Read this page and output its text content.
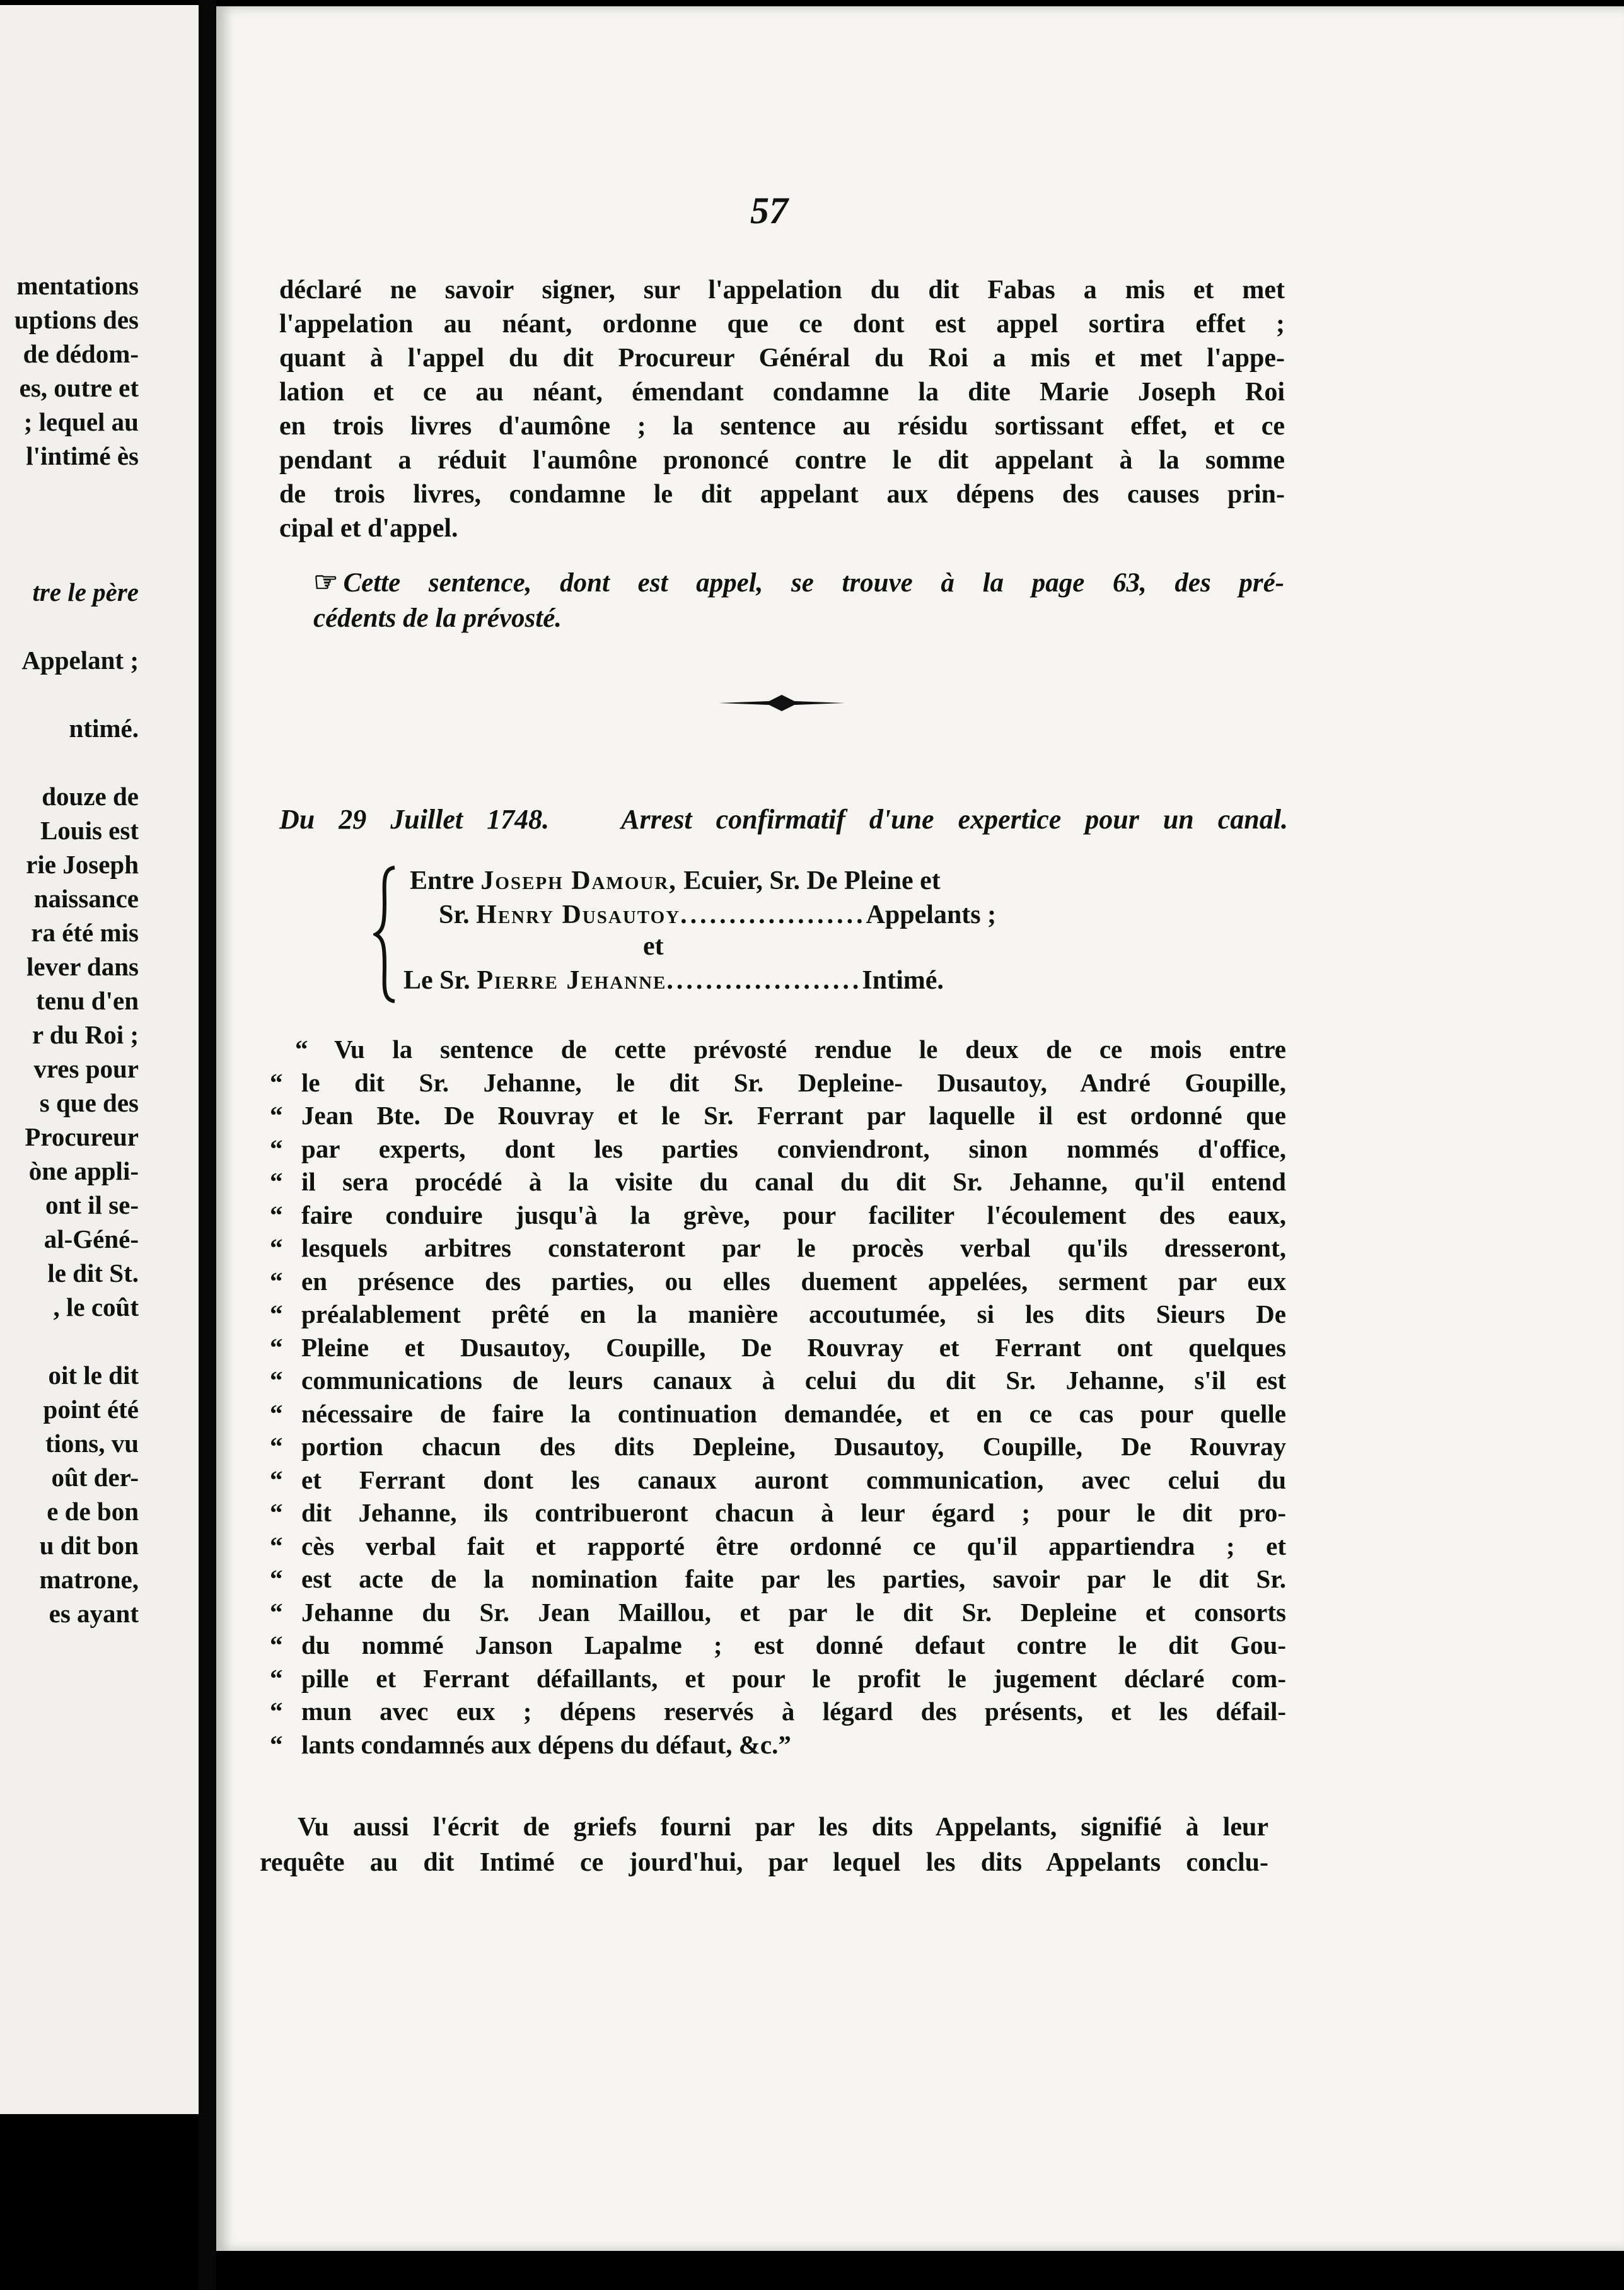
mentations
uptions des
de dédom-
es, outre et
; lequel au
l'intimé ès
tre le père
Appelant ;
ntimé.
douze de
Louis est
rie Joseph
naissance
ra été mis
lever dans
tenu d'en
r du Roi ;
vres pour
s que des
Procureur
òne appli-
ont il se-
al-Géné-
le dit St.
, le coût
oit le dit
point été
tions, vu
oût der-
e de bon
u dit bon
matrone,
es ayant
57
déclaré ne savoir signer, sur l'appelation du dit Fabas a mis et met
l'appelation au néant, ordonne que ce dont est appel sortira effet ;
quant à l'appel du dit Procureur Général du Roi a mis et met l'appe-
lation et ce au néant, émendant condamne la dite Marie Joseph Roi
en trois livres d'aumône ; la sentence au résidu sortissant effet, et ce
pendant a réduit l'aumône prononcé contre le dit appelant à la somme
de trois livres, condamne le dit appelant aux dépens des causes prin-
cipal et d'appel.
☞ Cette sentence, dont est appel, se trouve à la page 63, des pré-
cédents de la prévosté.
Du 29 Juillet 1748.	Arrest confirmatif d'une expertice pour un canal.
Entre Joseph Damour, Ecuier, Sr. De Pleine et
Sr. Henry Dusautoy...................Appelants ;
et
Le Sr. Pierre Jehanne....................Intimé.
“	Vu la sentence de cette prévosté rendue le deux de ce mois entre
“ le dit Sr. Jehanne, le dit Sr. Depleine- Dusautoy, André Goupille,
“ Jean Bte. De Rouvray et le Sr. Ferrant par laquelle il est ordonné que
“ par experts, dont les parties conviendront, sinon nommés d'office,
“ il sera procédé à la visite du canal du dit Sr. Jehanne, qu'il entend
“ faire conduire jusqu'à la grève, pour faciliter l'écoulement des eaux,
“ lesquels arbitres constateront par le procès verbal qu'ils dresseront,
“ en présence des parties, ou elles duement appelées, serment par eux
“ préalablement prêté en la manière accoutumée, si les dits Sieurs De
“ Pleine et Dusautoy, Coupille, De Rouvray et Ferrant ont quelques
“ communications de leurs canaux à celui du dit Sr. Jehanne, s'il est
“ nécessaire de faire la continuation demandée, et en ce cas pour quelle
“ portion chacun des dits Depleine, Dusautoy, Coupille, De Rouvray
“ et Ferrant dont les canaux auront communication, avec celui du
“ dit Jehanne, ils contribueront chacun à leur égard ; pour le dit pro-
“ cès verbal fait et rapporté être ordonné ce qu'il appartiendra ; et
“ est acte de la nomination faite par les parties, savoir par le dit Sr.
“ Jehanne du Sr. Jean Maillou, et par le dit Sr. Depleine et consorts
“ du nommé Janson Lapalme ; est donné defaut contre le dit Gou-
“ pille et Ferrant défaillants, et pour le profit le jugement déclaré com-
“ mun avec eux ; dépens reservés à légard des présents, et les défail-
“ lants condamnés aux dépens du défaut, &c.”
Vu aussi l'écrit de griefs fourni par les dits Appelants, signifié à leur
requête au dit Intimé ce jourd'hui, par lequel les dits Appelants conclu-
